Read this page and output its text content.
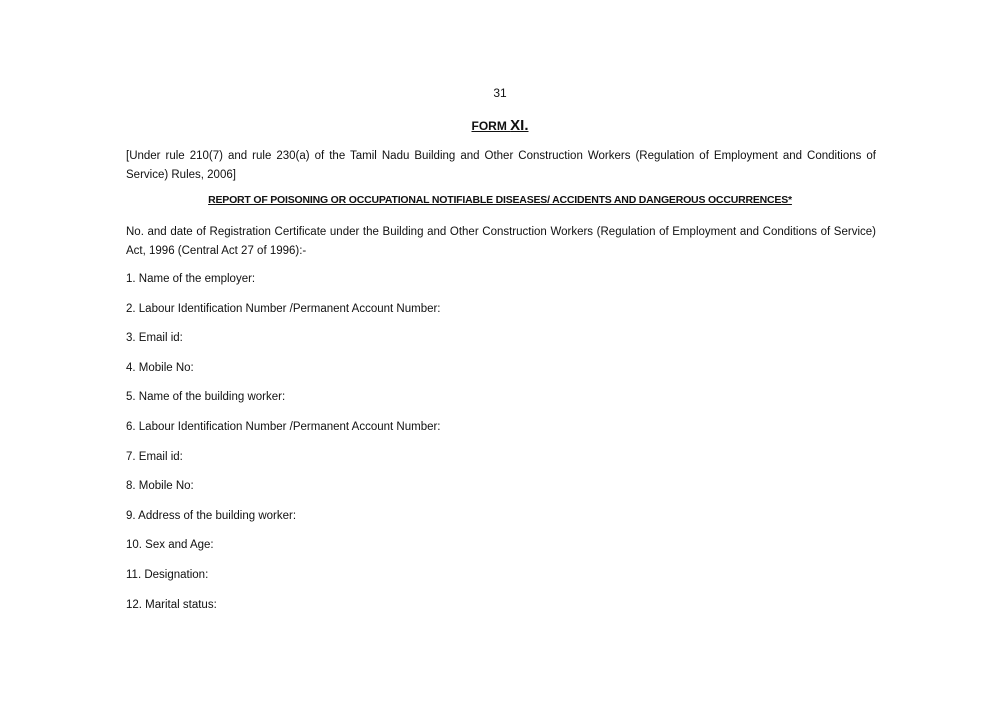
31
FORM XI.
[Under rule 210(7) and rule 230(a) of the Tamil Nadu Building and Other Construction Workers (Regulation of Employment and Conditions of Service) Rules, 2006]
REPORT OF POISONING OR OCCUPATIONAL NOTIFIABLE DISEASES/ ACCIDENTS AND DANGEROUS OCCURRENCES*
No. and date of Registration Certificate under the Building and Other Construction Workers (Regulation of Employment and Conditions of Service) Act, 1996 (Central Act 27 of 1996):-
1. Name of the employer:
2. Labour Identification Number /Permanent Account Number:
3. Email id:
4. Mobile No:
5. Name of the building worker:
6. Labour Identification Number /Permanent Account Number:
7. Email id:
8. Mobile No:
9. Address of the building worker:
10. Sex and Age:
11. Designation:
12. Marital status:
